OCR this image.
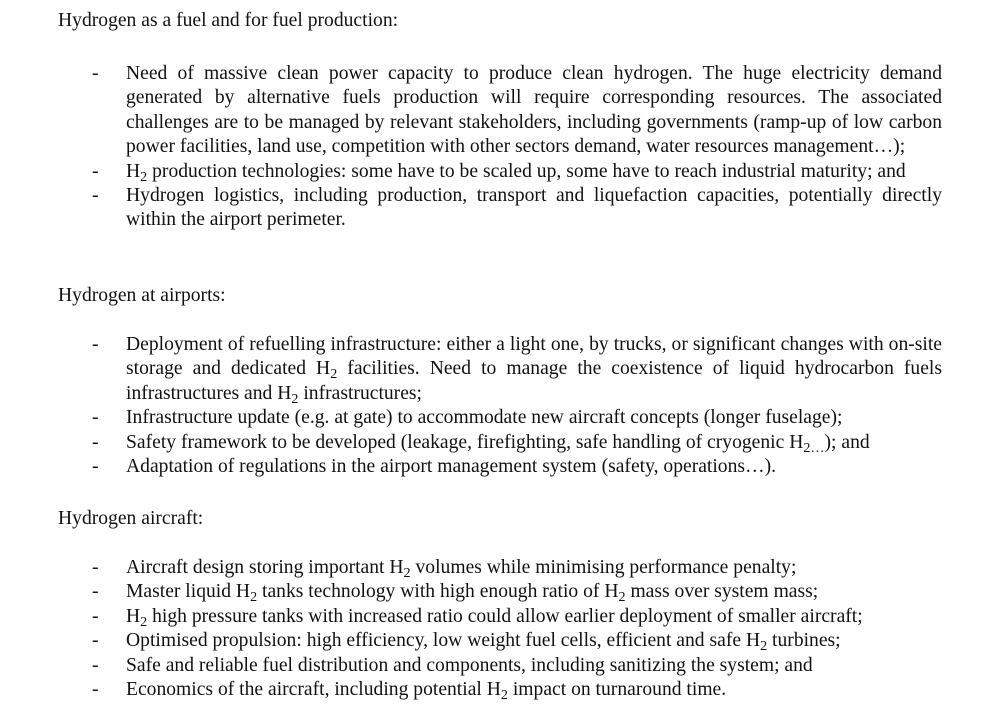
Hydrogen as a fuel and for fuel production:
- Need of massive clean power capacity to produce clean hydrogen. The huge electricity demand generated by alternative fuels production will require corresponding resources. The associated challenges are to be managed by relevant stakeholders, including governments (ramp-up of low carbon power facilities, land use, competition with other sectors demand, water resources management…);
- $H_2$ production technologies: some have to be scaled up, some have to reach industrial maturity; and
- Hydrogen logistics, including production, transport and liquefaction capacities, potentially directly within the airport perimeter.
Hydrogen at airports:
- Deployment of refuelling infrastructure: either a light one, by trucks, or significant changes with on-site storage and dedicated $H_2$ facilities. Need to manage the coexistence of liquid hydrocarbon fuels infrastructures and $H_2$ infrastructures;
- Infrastructure update (e.g. at gate) to accommodate new aircraft concepts (longer fuselage);
- Safety framework to be developed (leakage, firefighting, safe handling of cryogenic $H_{2\dots}$); and
- Adaptation of regulations in the airport management system (safety, operations…).
Hydrogen aircraft:
- Aircraft design storing important $H_2$ volumes while minimising performance penalty;
- Master liquid $H_2$ tanks technology with high enough ratio of $H_2$ mass over system mass;
- $H_2$ high pressure tanks with increased ratio could allow earlier deployment of smaller aircraft;
- Optimised propulsion: high efficiency, low weight fuel cells, efficient and safe $H_2$ turbines;
- Safe and reliable fuel distribution and components, including sanitizing the system; and
- Economics of the aircraft, including potential $H_2$ impact on turnaround time.
